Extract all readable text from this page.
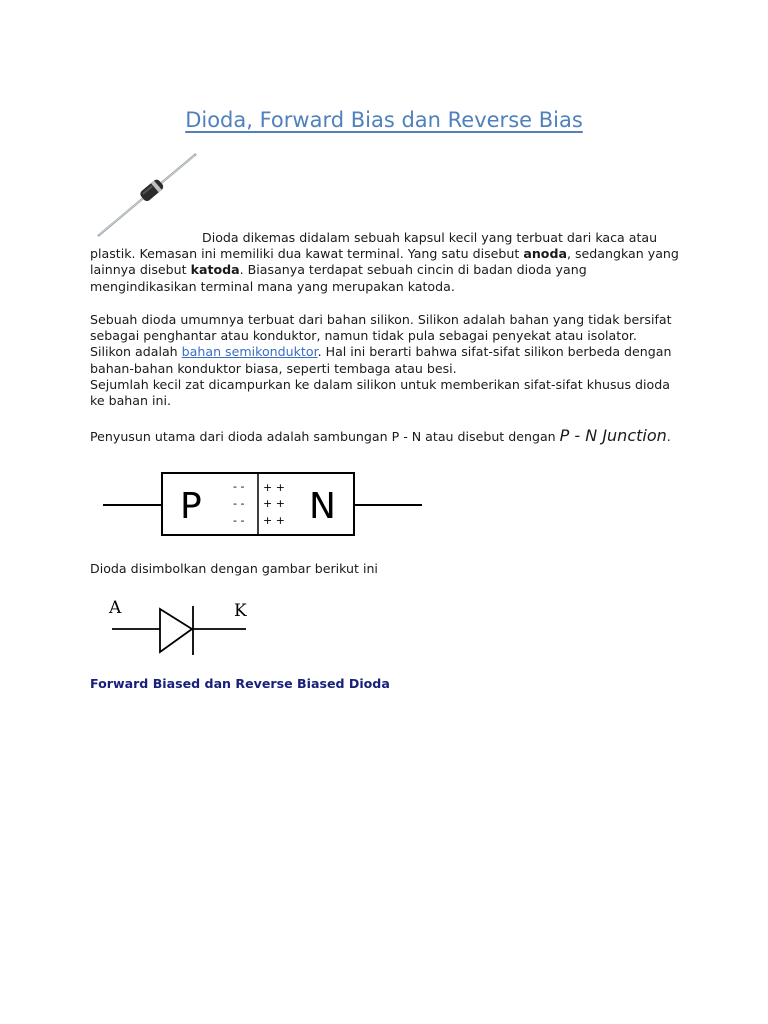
Dioda, Forward Bias dan Reverse Bias

Dioda dikemas didalam sebuah kapsul kecil yang terbuat dari kaca atau plastik. Kemasan ini memiliki dua kawat terminal. Yang satu disebut anoda, sedangkan yang lainnya disebut katoda. Biasanya terdapat sebuah cincin di badan dioda yang mengindikasikan terminal mana yang merupakan katoda.

Sebuah dioda umumnya terbuat dari bahan silikon. Silikon adalah bahan yang tidak bersifat sebagai penghantar atau konduktor, namun tidak pula sebagai penyekat atau isolator. Silikon adalah bahan semikonduktor. Hal ini berarti bahwa sifat-sifat silikon berbeda dengan bahan-bahan konduktor biasa, seperti tembaga atau besi.
Sejumlah kecil zat dicampurkan ke dalam silikon untuk memberikan sifat-sifat khusus dioda ke bahan ini.

Penyusun utama dari dioda adalah sambungan P - N atau disebut dengan P - N Junction.

P	N
- -
- -
- -
+ +
+ +
+ +

Dioda disimbolkan dengan gambar berikut ini

A	K
Forward Biased dan Reverse Biased Dioda
